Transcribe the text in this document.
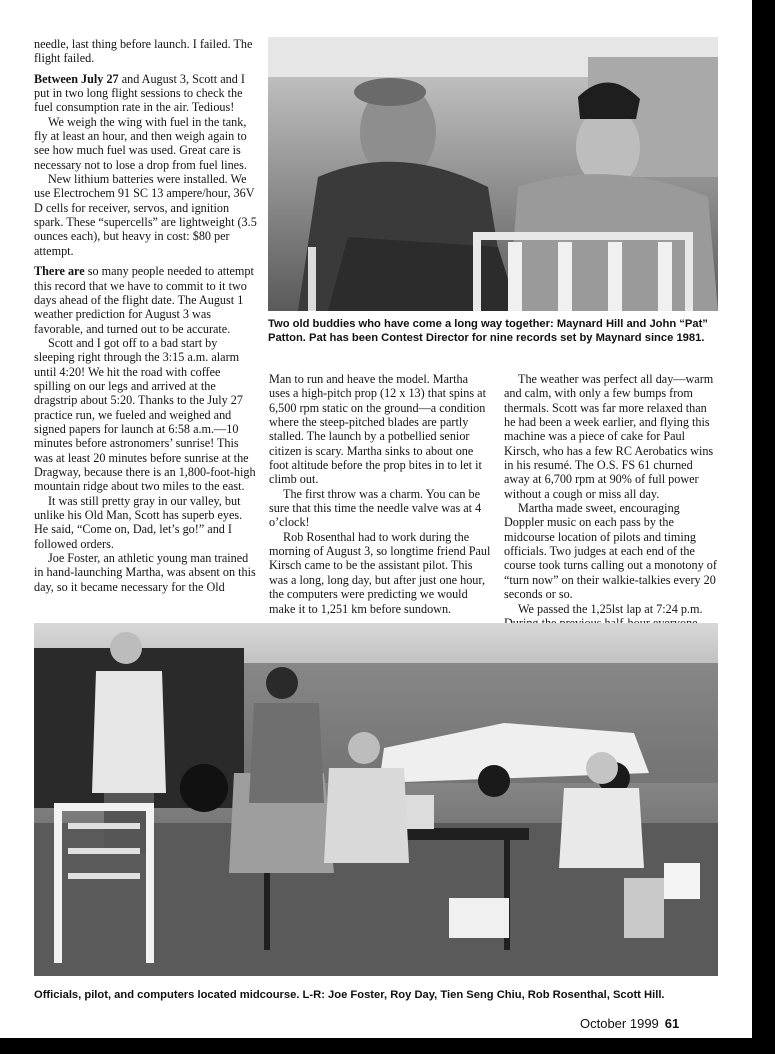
needle, last thing before launch. I failed. The flight failed.

Between July 27 and August 3, Scott and I put in two long flight sessions to check the fuel consumption rate in the air. Tedious!

We weigh the wing with fuel in the tank, fly at least an hour, and then weigh again to see how much fuel was used. Great care is necessary not to lose a drop from fuel lines.

New lithium batteries were installed. We use Electrochem 91 SC 13 ampere/hour, 36V D cells for receiver, servos, and ignition spark. These “supercells” are lightweight (3.5 ounces each), but heavy in cost: $80 per attempt.

There are so many people needed to attempt this record that we have to commit to it two days ahead of the flight date. The August 1 weather prediction for August 3 was favorable, and turned out to be accurate.

Scott and I got off to a bad start by sleeping right through the 3:15 a.m. alarm until 4:20! We hit the road with coffee spilling on our legs and arrived at the dragstrip about 5:20. Thanks to the July 27 practice run, we fueled and weighed and signed papers for launch at 6:58 a.m.—10 minutes before astronomers’ sunrise! This was at least 20 minutes before sunrise at the Dragway, because there is an 1,800-foot-high mountain ridge about two miles to the east.

It was still pretty gray in our valley, but unlike his Old Man, Scott has superb eyes. He said, “Come on, Dad, let’s go!” and I followed orders.

Joe Foster, an athletic young man trained in hand-launching Martha, was absent on this day, so it became necessary for the Old

Two old buddies who have come a long way together: Maynard Hill and John “Pat” Patton. Pat has been Contest Director for nine records set by Maynard since 1981.

Man to run and heave the model. Martha uses a high-pitch prop (12 x 13) that spins at 6,500 rpm static on the ground—a condition where the steep-pitched blades are partly stalled. The launch by a potbellied senior citizen is scary. Martha sinks to about one foot altitude before the prop bites in to let it climb out.

The first throw was a charm. You can be sure that this time the needle valve was at 4 o’clock!

Rob Rosenthal had to work during the morning of August 3, so longtime friend Paul Kirsch came to be the assistant pilot. This was a long, long day, but after just one hour, the computers were predicting we would make it to 1,251 km before sundown.

The weather was perfect all day—warm and calm, with only a few bumps from thermals. Scott was far more relaxed than he had been a week earlier, and flying this machine was a piece of cake for Paul Kirsch, who has a few RC Aerobatics wins in his resumé. The O.S. FS 61 churned away at 6,700 rpm at 90% of full power without a cough or miss all day.

Martha made sweet, encouraging Doppler music on each pass by the midcourse location of pilots and timing officials. Two judges at each end of the course took turns calling out a monotony of “turn now” on their walkie-talkies every 20 seconds or so.

We passed the 1,25lst lap at 7:24 p.m.

Officials, pilot, and computers located midcourse. L-R: Joe Foster, Roy Day, Tien Seng Chiu, Rob Rosenthal, Scott Hill.
October 1999 61
